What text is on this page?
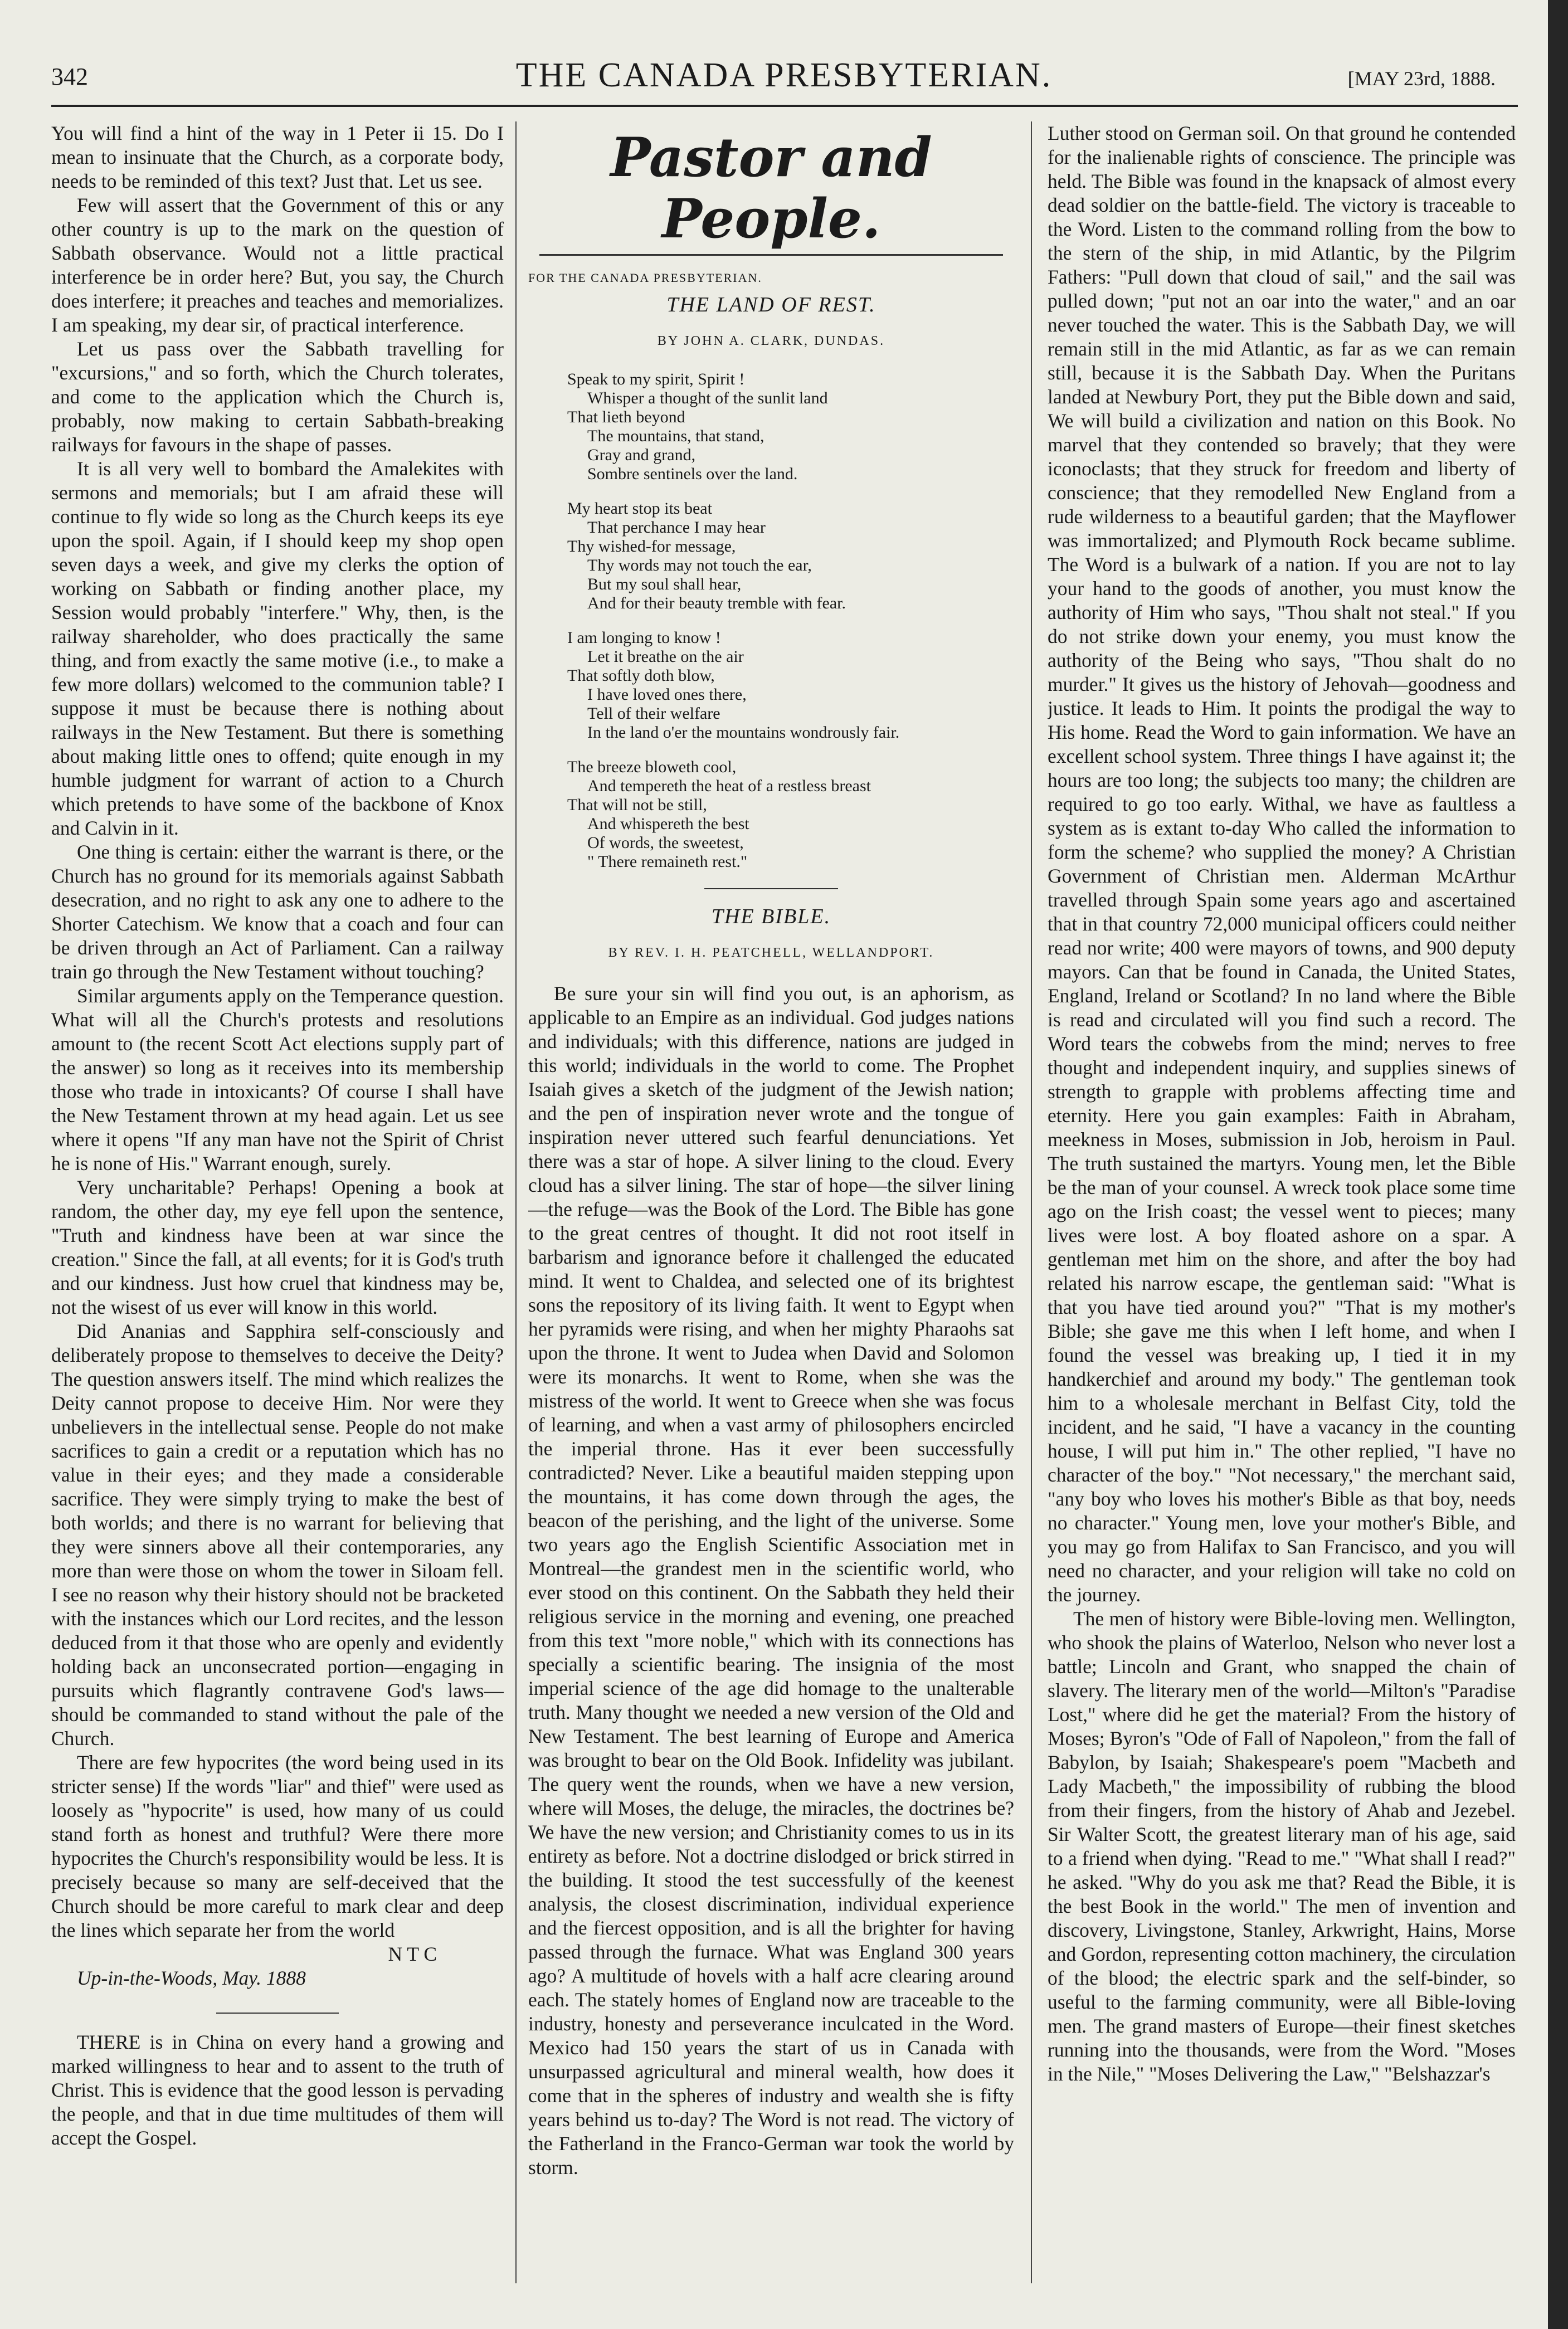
342	THE CANADA PRESBYTERIAN.	[MAY 23rd, 1888.

You will find a hint of the way in 1 Peter ii 15. Do I mean to insinuate that the Church, as a corporate body, needs to be reminded of this text? Just that. Let us see.

Few will assert that the Government of this or any other country is up to the mark on the question of Sabbath observance. Would not a little practical interference be in order here? But, you say, the Church does interfere; it preaches and teaches and memorializes. I am speaking, my dear sir, of practical interference.

Let us pass over the Sabbath travelling for "excursions," and so forth, which the Church tolerates, and come to the application which the Church is, probably, now making to certain Sabbath-breaking railways for favours in the shape of passes.

It is all very well to bombard the Amalekites with sermons and memorials; but I am afraid these will continue to fly wide so long as the Church keeps its eye upon the spoil. Again, if I should keep my shop open seven days a week, and give my clerks the option of working on Sabbath or finding another place, my Session would probably "interfere." Why, then, is the railway shareholder, who does practically the same thing, and from exactly the same motive (i.e., to make a few more dollars) welcomed to the communion table? I suppose it must be because there is nothing about railways in the New Testament. But there is something about making little ones to offend; quite enough in my humble judgment for warrant of action to a Church which pretends to have some of the backbone of Knox and Calvin in it.

One thing is certain: either the warrant is there, or the Church has no ground for its memorials against Sabbath desecration, and no right to ask any one to adhere to the Shorter Catechism. We know that a coach and four can be driven through an Act of Parliament. Can a railway train go through the New Testament without touching?

Similar arguments apply on the Temperance question. What will all the Church's protests and resolutions amount to (the recent Scott Act elections supply part of the answer) so long as it receives into its membership those who trade in intoxicants? Of course I shall have the New Testament thrown at my head again. Let us see where it opens "If any man have not the Spirit of Christ he is none of His." Warrant enough, surely.

Very uncharitable? Perhaps! Opening a book at random, the other day, my eye fell upon the sentence, "Truth and kindness have been at war since the creation." Since the fall, at all events; for it is God's truth and our kindness. Just how cruel that kindness may be, not the wisest of us ever will know in this world.

Did Ananias and Sapphira self-consciously and deliberately propose to themselves to deceive the Deity? The question answers itself. The mind which realizes the Deity cannot propose to deceive Him. Nor were they unbelievers in the intellectual sense. People do not make sacrifices to gain a credit or a reputation which has no value in their eyes; and they made a considerable sacrifice. They were simply trying to make the best of both worlds; and there is no warrant for believing that they were sinners above all their contemporaries, any more than were those on whom the tower in Siloam fell. I see no reason why their history should not be bracketed with the instances which our Lord recites, and the lesson deduced from it that those who are openly and evidently holding back an unconsecrated portion—engaging in pursuits which flagrantly contravene God's laws—should be commanded to stand without the pale of the Church.

There are few hypocrites (the word being used in its stricter sense) If the words "liar" and thief" were used as loosely as "hypocrite" is used, how many of us could stand forth as honest and truthful? Were there more hypocrites the Church's responsibility would be less. It is precisely because so many are self-deceived that the Church should be more careful to mark clear and deep the lines which separate her from the world

N T C
Up-in-the-Woods, May. 1888

THERE is in China on every hand a growing and marked willingness to hear and to assent to the truth of Christ. This is evidence that the good lesson is pervading the people, and that in due time multitudes of them will accept the Gospel.

Pastor and People.
FOR THE CANADA PRESBYTERIAN.
THE LAND OF REST.
BY JOHN A. CLARK, DUNDAS.
Speak to my spirit, Spirit !
Whisper a thought of the sunlit land
That lieth beyond
The mountains, that stand,
Gray and grand,
Sombre sentinels over the land.
My heart stop its beat
That perchance I may hear
Thy wished-for message,
Thy words may not touch the ear,
But my soul shall hear,
And for their beauty tremble with fear.
I am longing to know !
Let it breathe on the air
That softly doth blow,
I have loved ones there,
Tell of their welfare
In the land o'er the mountains wondrously fair.
The breeze bloweth cool,
And tempereth the heat of a restless breast
That will not be still,
And whispereth the best
Of words, the sweetest,
" There remaineth rest."
THE BIBLE.
BY REV. I. H. PEATCHELL, WELLANDPORT.

Be sure your sin will find you out, is an aphorism, as applicable to an Empire as an individual. God judges nations and individuals; with this difference, nations are judged in this world; individuals in the world to come. The Prophet Isaiah gives a sketch of the judgment of the Jewish nation; and the pen of inspiration never wrote and the tongue of inspiration never uttered such fearful denunciations. Yet there was a star of hope. A silver lining to the cloud. Every cloud has a silver lining. The star of hope—the silver lining—the refuge—was the Book of the Lord. The Bible has gone to the great centres of thought. It did not root itself in barbarism and ignorance before it challenged the educated mind. It went to Chaldea, and selected one of its brightest sons the repository of its living faith. It went to Egypt when her pyramids were rising, and when her mighty Pharaohs sat upon the throne. It went to Judea when David and Solomon were its monarchs. It went to Rome, when she was the mistress of the world. It went to Greece when she was focus of learning, and when a vast army of philosophers encircled the imperial throne. Has it ever been successfully contradicted? Never. Like a beautiful maiden stepping upon the mountains, it has come down through the ages, the beacon of the perishing, and the light of the universe. Some two years ago the English Scientific Association met in Montreal—the grandest men in the scientific world, who ever stood on this continent. On the Sabbath they held their religious service in the morning and evening, one preached from this text "more noble," which with its connections has specially a scientific bearing. The insignia of the most imperial science of the age did homage to the unalterable truth. Many thought we needed a new version of the Old and New Testament. The best learning of Europe and America was brought to bear on the Old Book. Infidelity was jubilant. The query went the rounds, when we have a new version, where will Moses, the deluge, the miracles, the doctrines be? We have the new version; and Christianity comes to us in its entirety as before. Not a doctrine dislodged or brick stirred in the building. It stood the test successfully of the keenest analysis, the closest discrimination, individual experience and the fiercest opposition, and is all the brighter for having passed through the furnace. What was England 300 years ago? A multitude of hovels with a half acre clearing around each. The stately homes of England now are traceable to the industry, honesty and perseverance inculcated in the Word. Mexico had 150 years the start of us in Canada with unsurpassed agricultural and mineral wealth, how does it come that in the spheres of industry and wealth she is fifty years behind us to-day? The Word is not read. The victory of the Fatherland in the Franco-German war took the world by storm.

Luther stood on German soil. On that ground he contended for the inalienable rights of conscience. The principle was held. The Bible was found in the knapsack of almost every dead soldier on the battle-field. The victory is traceable to the Word. Listen to the command rolling from the bow to the stern of the ship, in mid Atlantic, by the Pilgrim Fathers: "Pull down that cloud of sail," and the sail was pulled down; "put not an oar into the water," and an oar never touched the water. This is the Sabbath Day, we will remain still in the mid Atlantic, as far as we can remain still, because it is the Sabbath Day. When the Puritans landed at Newbury Port, they put the Bible down and said, We will build a civilization and nation on this Book. No marvel that they contended so bravely; that they were iconoclasts; that they struck for freedom and liberty of conscience; that they remodelled New England from a rude wilderness to a beautiful garden; that the Mayflower was immortalized; and Plymouth Rock became sublime. The Word is a bulwark of a nation. If you are not to lay your hand to the goods of another, you must know the authority of Him who says, "Thou shalt not steal." If you do not strike down your enemy, you must know the authority of the Being who says, "Thou shalt do no murder." It gives us the history of Jehovah—goodness and justice. It leads to Him. It points the prodigal the way to His home. Read the Word to gain information. We have an excellent school system. Three things I have against it; the hours are too long; the subjects too many; the children are required to go too early. Withal, we have as faultless a system as is extant to-day Who called the information to form the scheme? who supplied the money? A Christian Government of Christian men. Alderman McArthur travelled through Spain some years ago and ascertained that in that country 72,000 municipal officers could neither read nor write; 400 were mayors of towns, and 900 deputy mayors. Can that be found in Canada, the United States, England, Ireland or Scotland? In no land where the Bible is read and circulated will you find such a record. The Word tears the cobwebs from the mind; nerves to free thought and independent inquiry, and supplies sinews of strength to grapple with problems affecting time and eternity. Here you gain examples: Faith in Abraham, meekness in Moses, submission in Job, heroism in Paul. The truth sustained the martyrs. Young men, let the Bible be the man of your counsel. A wreck took place some time ago on the Irish coast; the vessel went to pieces; many lives were lost. A boy floated ashore on a spar. A gentleman met him on the shore, and after the boy had related his narrow escape, the gentleman said: "What is that you have tied around you?" "That is my mother's Bible; she gave me this when I left home, and when I found the vessel was breaking up, I tied it in my handkerchief and around my body." The gentleman took him to a wholesale merchant in Belfast City, told the incident, and he said, "I have a vacancy in the counting house, I will put him in." The other replied, "I have no character of the boy." "Not necessary," the merchant said, "any boy who loves his mother's Bible as that boy, needs no character." Young men, love your mother's Bible, and you may go from Halifax to San Francisco, and you will need no character, and your religion will take no cold on the journey.

The men of history were Bible-loving men. Wellington, who shook the plains of Waterloo, Nelson who never lost a battle; Lincoln and Grant, who snapped the chain of slavery. The literary men of the world—Milton's "Paradise Lost," where did he get the material? From the history of Moses; Byron's "Ode of Fall of Napoleon," from the fall of Babylon, by Isaiah; Shakespeare's poem "Macbeth and Lady Macbeth," the impossibility of rubbing the blood from their fingers, from the history of Ahab and Jezebel. Sir Walter Scott, the greatest literary man of his age, said to a friend when dying. "Read to me." "What shall I read?" he asked. "Why do you ask me that? Read the Bible, it is the best Book in the world." The men of invention and discovery, Livingstone, Stanley, Arkwright, Hains, Morse and Gordon, representing cotton machinery, the circulation of the blood; the electric spark and the self-binder, so useful to the farming community, were all Bible-loving men. The grand masters of Europe—their finest sketches running into the thousands, were from the Word. "Moses in the Nile," "Moses Delivering the Law," "Belshazzar's
